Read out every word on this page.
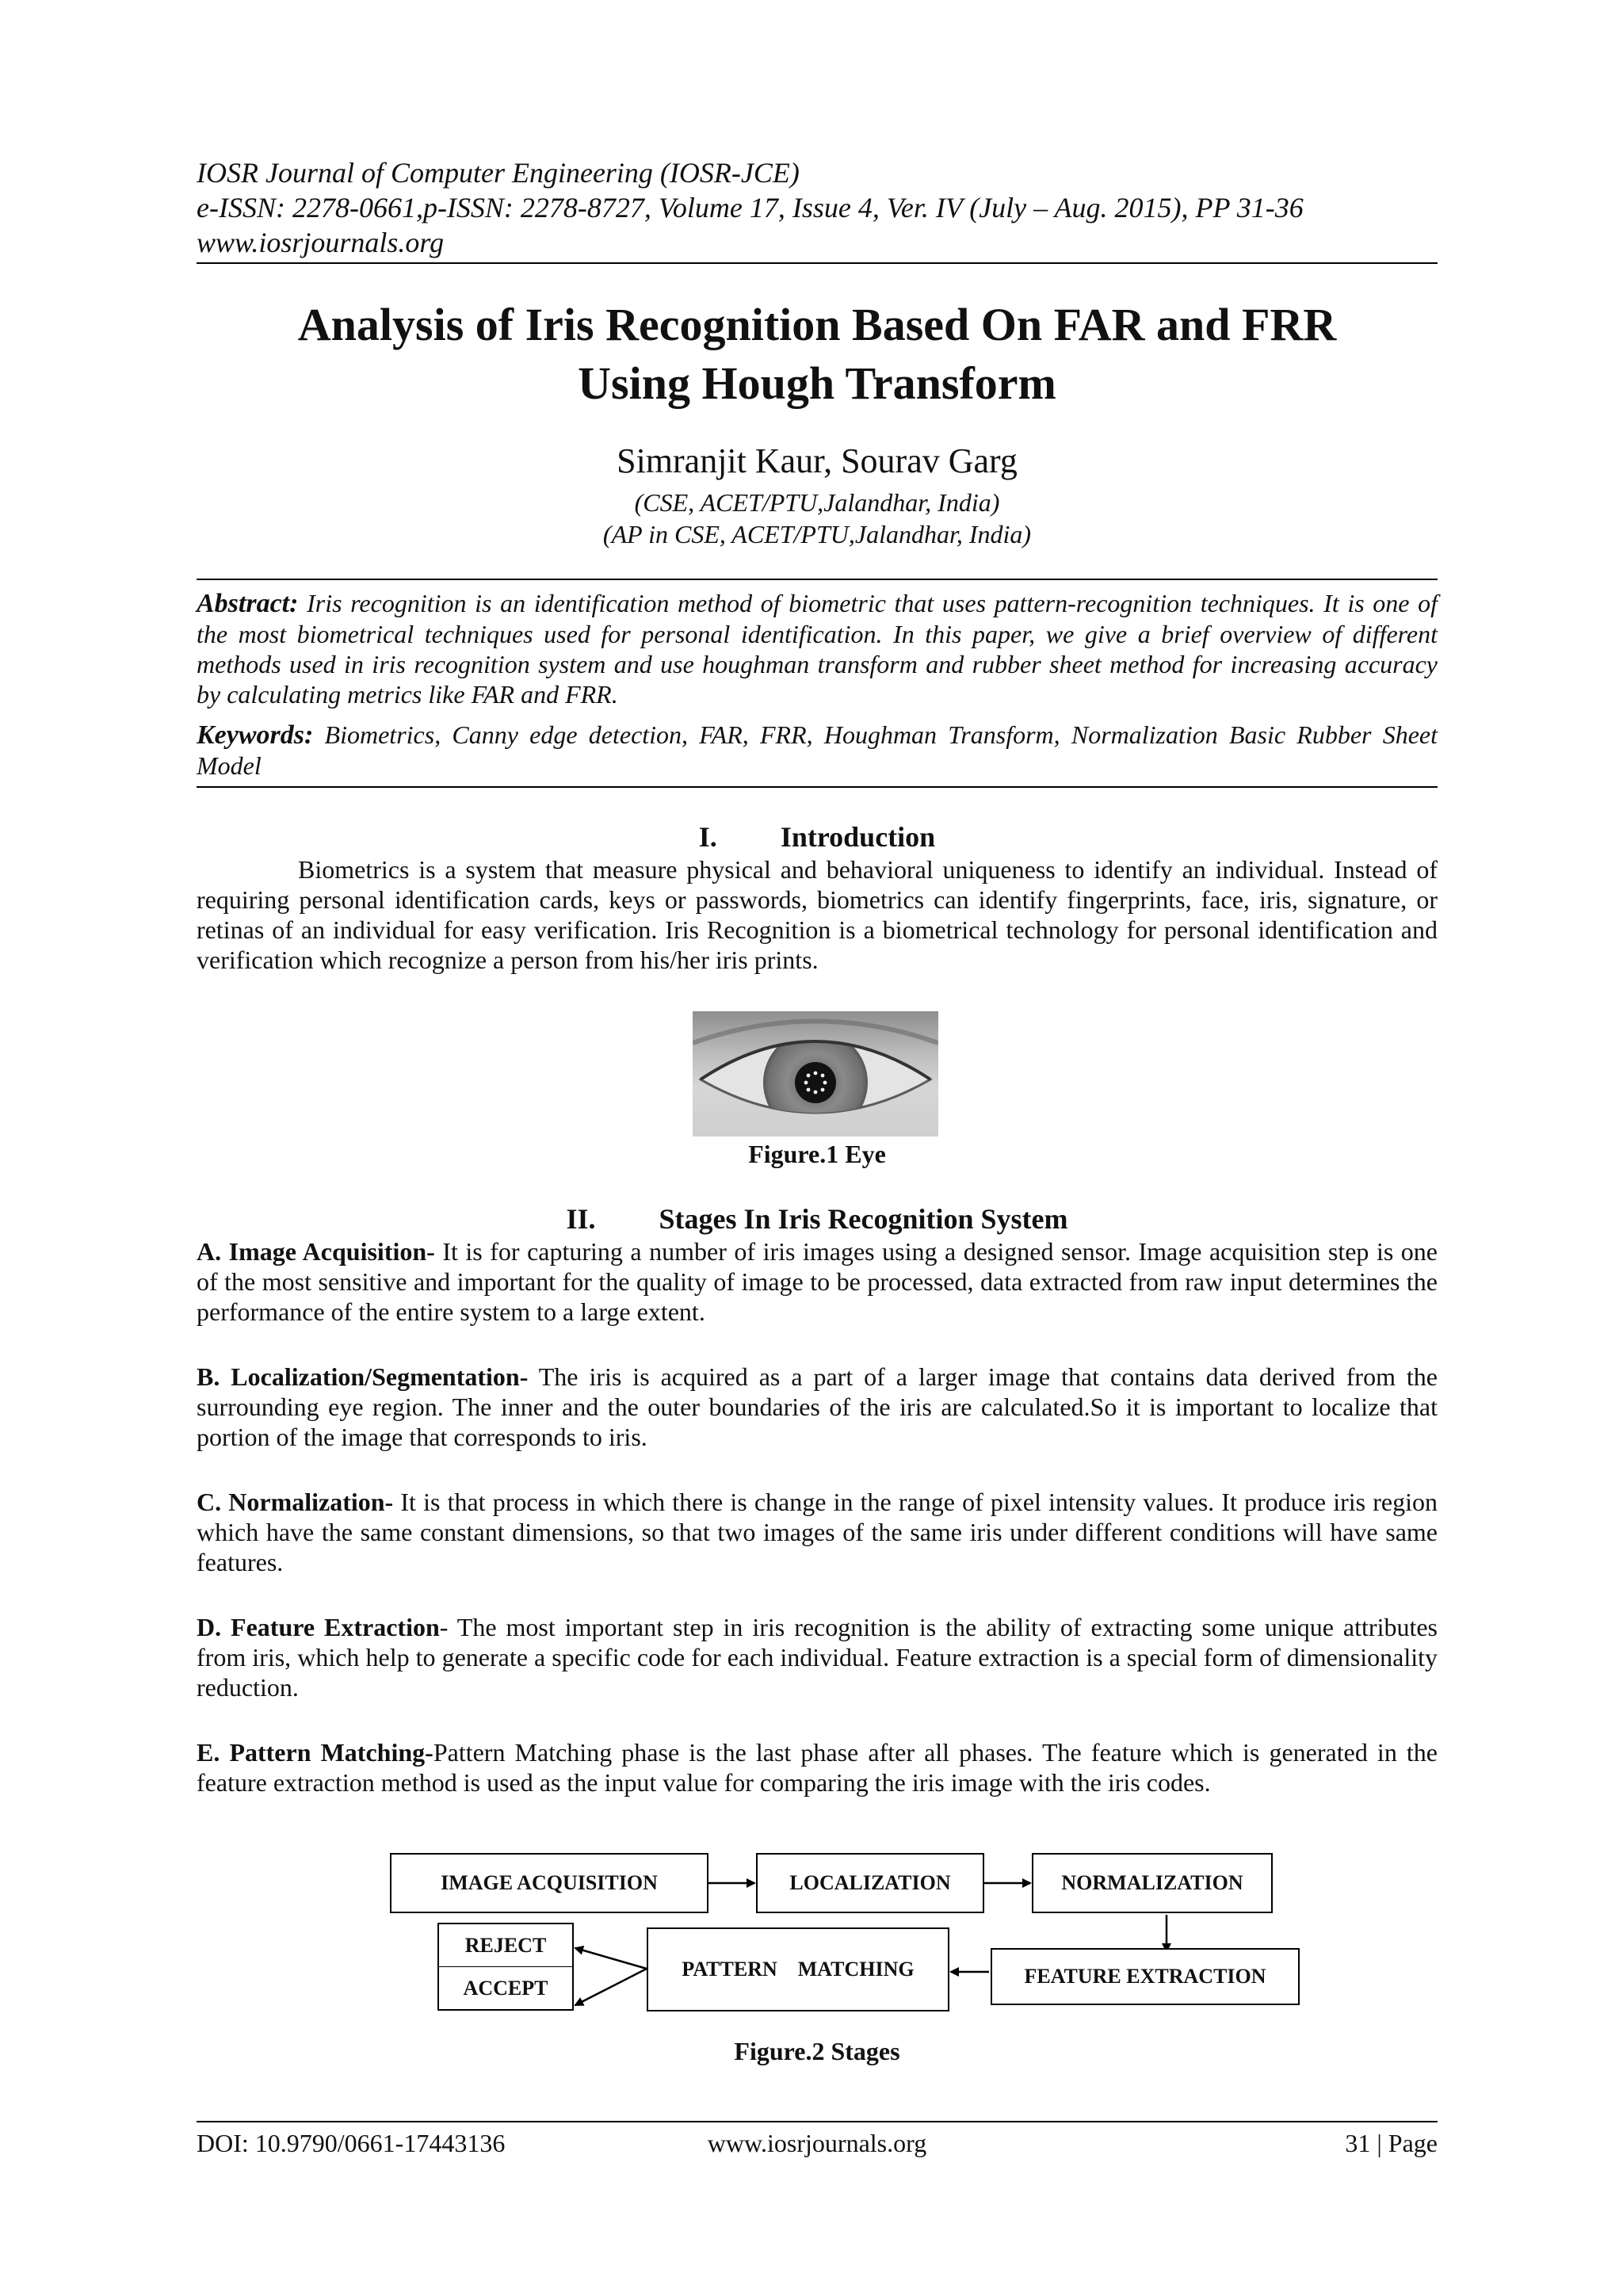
IOSR Journal of Computer Engineering (IOSR-JCE)
e-ISSN: 2278-0661,p-ISSN: 2278-8727, Volume 17, Issue 4, Ver. IV (July – Aug. 2015), PP 31-36
www.iosrjournals.org
Analysis of Iris Recognition Based On FAR and FRR
Using Hough Transform
Simranjit Kaur, Sourav Garg
(CSE, ACET/PTU,Jalandhar, India)
(AP in CSE, ACET/PTU,Jalandhar, India)
Abstract: Iris recognition is an identification method of biometric that uses pattern-recognition techniques. It is one of the most biometrical techniques used for personal identification. In this paper, we give a brief overview of different methods used in iris recognition system and use houghman transform and rubber sheet method for increasing accuracy by calculating metrics like FAR and FRR.
Keywords: Biometrics, Canny edge detection, FAR, FRR, Houghman Transform, Normalization Basic Rubber Sheet Model
I. Introduction
Biometrics is a system that measure physical and behavioral uniqueness to identify an individual. Instead of requiring personal identification cards, keys or passwords, biometrics can identify fingerprints, face, iris, signature, or retinas of an individual for easy verification. Iris Recognition is a biometrical technology for personal identification and verification which recognize a person from his/her iris prints.
Figure.1 Eye
II. Stages In Iris Recognition System
A. Image Acquisition- It is for capturing a number of iris images using a designed sensor. Image acquisition step is one of the most sensitive and important for the quality of image to be processed, data extracted from raw input determines the performance of the entire system to a large extent.
B. Localization/Segmentation- The iris is acquired as a part of a larger image that contains data derived from the surrounding eye region. The inner and the outer boundaries of the iris are calculated.So it is important to localize that portion of the image that corresponds to iris.
C. Normalization- It is that process in which there is change in the range of pixel intensity values. It produce iris region which have the same constant dimensions, so that two images of the same iris under different conditions will have same features.
D. Feature Extraction- The most important step in iris recognition is the ability of extracting some unique attributes from iris, which help to generate a specific code for each individual. Feature extraction is a special form of dimensionality reduction.
E. Pattern Matching-Pattern Matching phase is the last phase after all phases. The feature which is generated in the feature extraction method is used as the input value for comparing the iris image with the iris codes.
IMAGE ACQUISITION	LOCALIZATION	NORMALIZATION
REJECT
ACCEPT
PATTERN    MATCHING	FEATURE EXTRACTION
Figure.2 Stages
DOI: 10.9790/0661-17443136	www.iosrjournals.org	31 | Page
